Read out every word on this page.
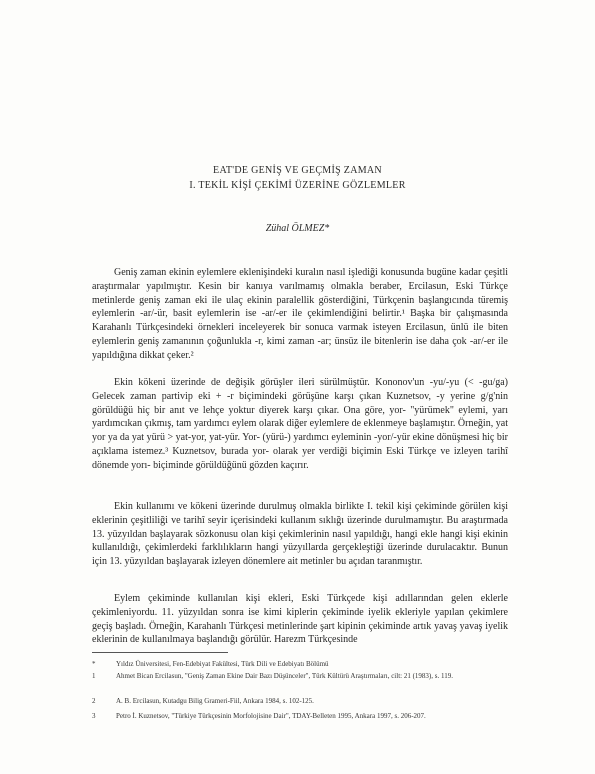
EAT'DE GENİŞ VE GEÇMİŞ ZAMAN
I. TEKİL KİŞİ ÇEKİMİ ÜZERİNE GÖZLEMLER
Zühal ÖLMEZ*

Geniş zaman ekinin eylemlere eklenişindeki kuralın nasıl işlediği konusunda bugüne kadar çeşitli araştırmalar yapılmıştır. Kesin bir kanıya varılmamış olmakla beraber, Ercilasun, Eski Türkçe metinlerde geniş zaman eki ile ulaç ekinin paralellik gösterdiğini, Türkçenin başlangıcında türemiş eylemlerin -ar/-ür, basit eylemlerin ise -ar/-er ile çekimlendiğini belirtir.¹ Başka bir çalışmasında Karahanlı Türkçesindeki örnekleri inceleyerek bir sonuca varmak isteyen Ercilasun, ünlü ile biten eylemlerin geniş zamanının çoğunlukla -r, kimi zaman -ar; ünsüz ile bitenlerin ise daha çok -ar/-er ile yapıldığına dikkat çeker.²

Ekin kökeni üzerinde de değişik görüşler ileri sürülmüştür. Kononov'un -yu/-yu (< -gu/ga) Gelecek zaman partivip eki + -r biçimindeki görüşüne karşı çıkan Kuznetsov, -y yerine g/g'nin görüldüğü hiç bir anıt ve lehçe yoktur diyerek karşı çıkar. Ona göre, yor- "yürümek" eylemi, yarı yardımcıkan çıkmış, tam yardımcı eylem olarak diğer eylemlere de eklenmeye başlamıştır. Örneğin, yat yor ya da yat yürü > yat-yor, yat-yür. Yor- (yürü-) yardımcı eyleminin -yor/-yür ekine dönüşmesi hiç bir açıklama istemez.³ Kuznetsov, burada yor- olarak yer verdiği biçimin Eski Türkçe ve izleyen tarihî dönemde yorı- biçiminde görüldüğünü gözden kaçırır.

Ekin kullanımı ve kökeni üzerinde durulmuş olmakla birlikte I. tekil kişi çekiminde görülen kişi eklerinin çeşitliliği ve tarihî seyir içerisindeki kullanım sıklığı üzerinde durulmamıştır. Bu araştırmada 13. yüzyıldan başlayarak sözkonusu olan kişi çekimlerinin nasıl yapıldığı, hangi ekle hangi kişi ekinin kullanıldığı, çekimlerdeki farklılıkların hangi yüzyıllarda gerçekleştiği üzerinde durulacaktır. Bunun için 13. yüzyıldan başlayarak izleyen dönemlere ait metinler bu açıdan taranmıştır.

Eylem çekiminde kullanılan kişi ekleri, Eski Türkçede kişi adıllarından gelen eklerle çekimleniyordu. 11. yüzyıldan sonra ise kimi kiplerin çekiminde iyelik ekleriyle yapılan çekimlere geçiş başladı. Örneğin, Karahanlı Türkçesi metinlerinde şart kipinin çekiminde artık yavaş yavaş iyelik eklerinin de kullanılmaya başlandığı görülür. Harezm Türkçesinde

*	Yıldız Üniversitesi, Fen-Edebiyat Fakültesi, Türk Dili ve Edebiyatı Bölümü
1	Ahmet Bican Ercilasun, "Geniş Zaman Ekine Dair Bazı Düşünceler", Türk Kültürü Araştırmaları, cilt: 21 (1983), s. 119.
2	A. B. Ercilasun, Kutadgu Bilig Grameri-Fiil, Ankara 1984, s. 102-125.
3	Petro İ. Kuznetsov, "Türkiye Türkçesinin Morfolojisine Dair", TDAY-Belleten 1995, Ankara 1997, s. 206-207.
